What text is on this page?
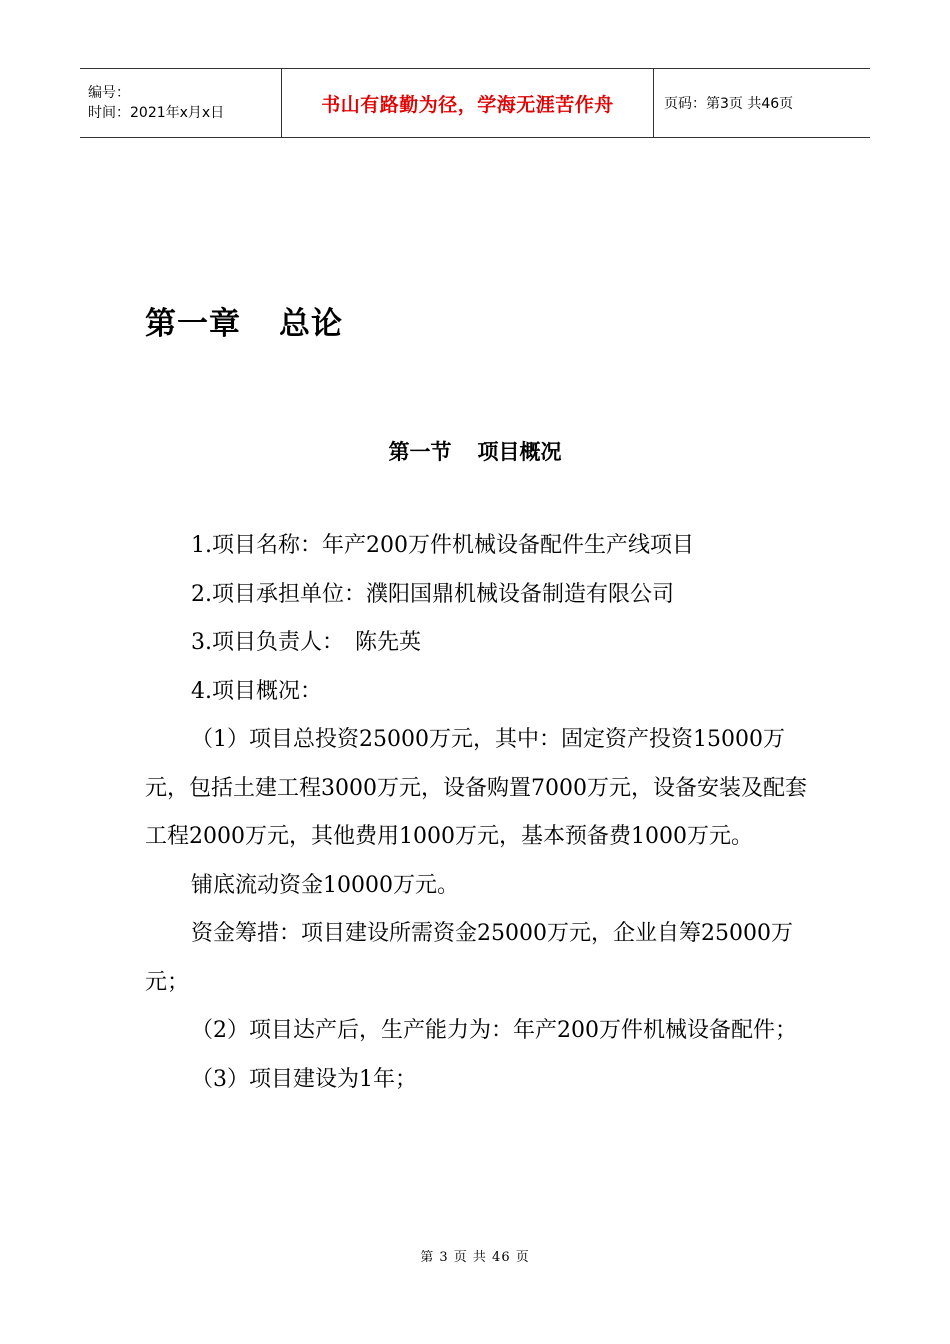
编号：
时间：2021年x月x日	书山有路勤为径，学海无涯苦作舟	页码：第3页 共46页
第一章 总论
第一节 项目概况

1.项目名称：年产200万件机械设备配件生产线项目

2.项目承担单位：濮阳国鼎机械设备制造有限公司

3.项目负责人：　陈先英

4.项目概况：

（1）项目总投资25000万元，其中：固定资产投资15000万元，包括土建工程3000万元，设备购置7000万元，设备安装及配套工程2000万元，其他费用1000万元，基本预备费1000万元。

铺底流动资金10000万元。

资金筹措：项目建设所需资金25000万元，企业自筹25000万元；

（2）项目达产后，生产能力为：年产200万件机械设备配件；

（3）项目建设为1年；

第 3 页 共 46 页
